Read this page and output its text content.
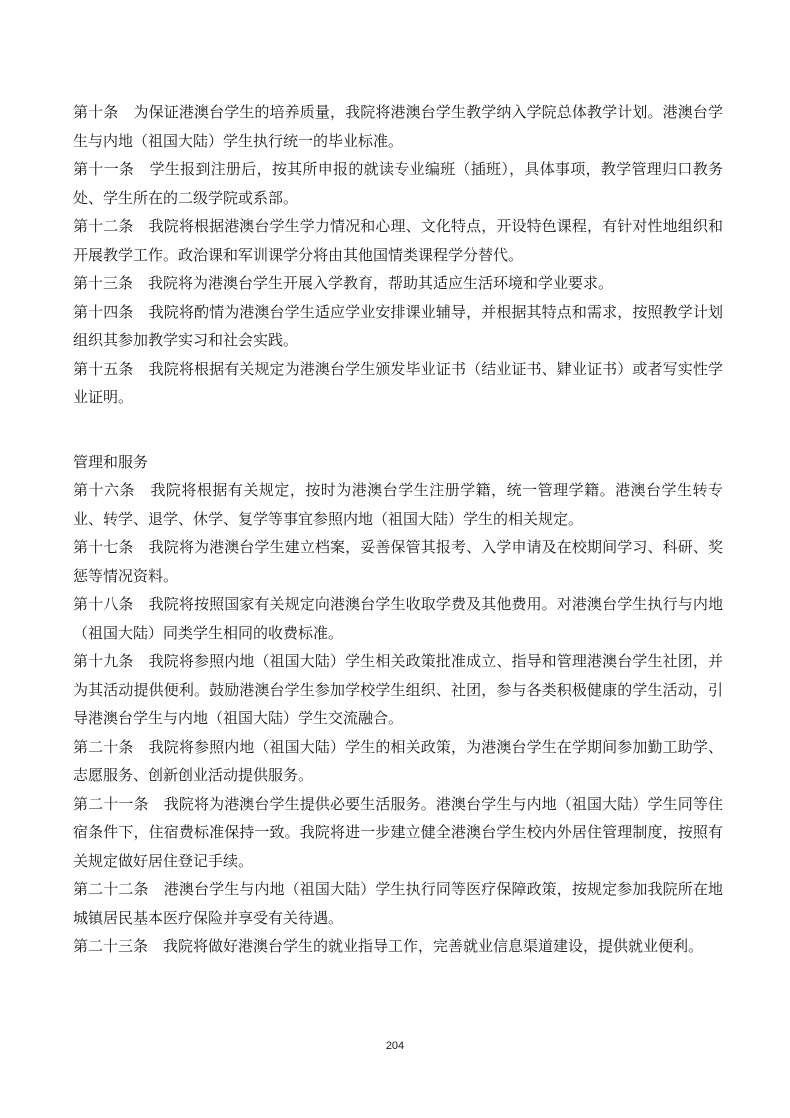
第十条　为保证港澳台学生的培养质量，我院将港澳台学生教学纳入学院总体教学计划。港澳台学生与内地（祖国大陆）学生执行统一的毕业标准。

第十一条　学生报到注册后，按其所申报的就读专业编班（插班），具体事项，教学管理归口教务处、学生所在的二级学院或系部。

第十二条　我院将根据港澳台学生学力情况和心理、文化特点，开设特色课程，有针对性地组织和开展教学工作。政治课和军训课学分将由其他国情类课程学分替代。

第十三条　我院将为港澳台学生开展入学教育，帮助其适应生活环境和学业要求。

第十四条　我院将酌情为港澳台学生适应学业安排课业辅导，并根据其特点和需求，按照教学计划组织其参加教学实习和社会实践。

第十五条　我院将根据有关规定为港澳台学生颁发毕业证书（结业证书、肄业证书）或者写实性学业证明。

管理和服务

第十六条　我院将根据有关规定，按时为港澳台学生注册学籍，统一管理学籍。港澳台学生转专业、转学、退学、休学、复学等事宜参照内地（祖国大陆）学生的相关规定。

第十七条　我院将为港澳台学生建立档案，妥善保管其报考、入学申请及在校期间学习、科研、奖惩等情况资料。

第十八条　我院将按照国家有关规定向港澳台学生收取学费及其他费用。对港澳台学生执行与内地（祖国大陆）同类学生相同的收费标准。

第十九条　我院将参照内地（祖国大陆）学生相关政策批准成立、指导和管理港澳台学生社团，并为其活动提供便利。鼓励港澳台学生参加学校学生组织、社团，参与各类积极健康的学生活动，引导港澳台学生与内地（祖国大陆）学生交流融合。

第二十条　我院将参照内地（祖国大陆）学生的相关政策，为港澳台学生在学期间参加勤工助学、志愿服务、创新创业活动提供服务。

第二十一条　我院将为港澳台学生提供必要生活服务。港澳台学生与内地（祖国大陆）学生同等住宿条件下，住宿费标准保持一致。我院将进一步建立健全港澳台学生校内外居住管理制度，按照有关规定做好居住登记手续。

第二十二条　港澳台学生与内地（祖国大陆）学生执行同等医疗保障政策，按规定参加我院所在地城镇居民基本医疗保险并享受有关待遇。

第二十三条　我院将做好港澳台学生的就业指导工作，完善就业信息渠道建设，提供就业便利。

204
